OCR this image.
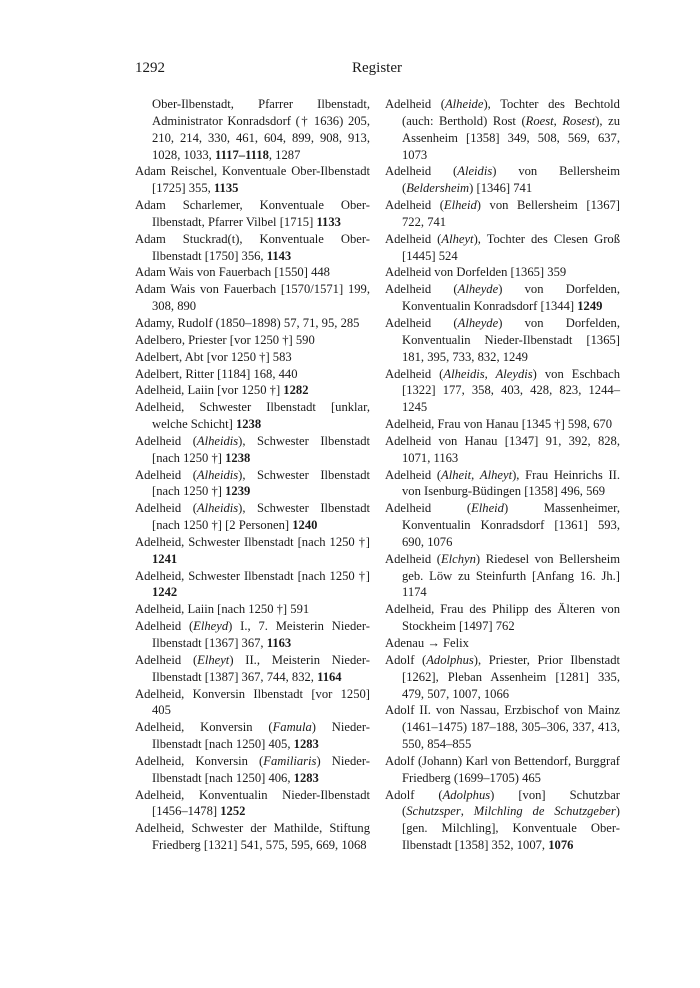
1292	Register

Ober-Ilbenstadt, Pfarrer Ilbenstadt, Administrator Konradsdorf († 1636) 205, 210, 214, 330, 461, 604, 899, 908, 913, 1028, 1033, 1117–1118, 1287

Adam Reischel, Konventuale Ober-Ilbenstadt [1725] 355, 1135

Adam Scharlemer, Konventuale Ober-Ilbenstadt, Pfarrer Vilbel [1715] 1133

Adam Stuckrad(t), Konventuale Ober-Ilbenstadt [1750] 356, 1143

Adam Wais von Fauerbach [1550] 448

Adam Wais von Fauerbach [1570/1571] 199, 308, 890

Adamy, Rudolf (1850–1898) 57, 71, 95, 285

Adelbero, Priester [vor 1250 †] 590

Adelbert, Abt [vor 1250 †] 583

Adelbert, Ritter [1184] 168, 440

Adelheid, Laiin [vor 1250 †] 1282

Adelheid, Schwester Ilbenstadt [unklar, welche Schicht] 1238

Adelheid (Alheidis), Schwester Ilbenstadt [nach 1250 †] 1238

Adelheid (Alheidis), Schwester Ilbenstadt [nach 1250 †] 1239

Adelheid (Alheidis), Schwester Ilbenstadt [nach 1250 †] [2 Personen] 1240

Adelheid, Schwester Ilbenstadt [nach 1250 †] 1241

Adelheid, Schwester Ilbenstadt [nach 1250 †] 1242

Adelheid, Laiin [nach 1250 †] 591

Adelheid (Elheyd) I., 7. Meisterin Nieder-Ilbenstadt [1367] 367, 1163

Adelheid (Elheyt) II., Meisterin Nieder-Ilbenstadt [1387] 367, 744, 832, 1164

Adelheid, Konversin Ilbenstadt [vor 1250] 405

Adelheid, Konversin (Famula) Nieder-Ilbenstadt [nach 1250] 405, 1283

Adelheid, Konversin (Familiaris) Nieder-Ilbenstadt [nach 1250] 406, 1283

Adelheid, Konventualin Nieder-Ilbenstadt [1456–1478] 1252

Adelheid, Schwester der Mathilde, Stiftung Friedberg [1321] 541, 575, 595, 669, 1068

Adelheid (Alheide), Tochter des Bechtold (auch: Berthold) Rost (Roest, Rosest), zu Assenheim [1358] 349, 508, 569, 637, 1073

Adelheid (Aleidis) von Bellersheim (Beldersheim) [1346] 741

Adelheid (Elheid) von Bellersheim [1367] 722, 741

Adelheid (Alheyt), Tochter des Clesen Groß [1445] 524

Adelheid von Dorfelden [1365] 359

Adelheid (Alheyde) von Dorfelden, Konventualin Konradsdorf [1344] 1249

Adelheid (Alheyde) von Dorfelden, Konventualin Nieder-Ilbenstadt [1365] 181, 395, 733, 832, 1249

Adelheid (Alheidis, Aleydis) von Eschbach [1322] 177, 358, 403, 428, 823, 1244–1245

Adelheid, Frau von Hanau [1345 †] 598, 670

Adelheid von Hanau [1347] 91, 392, 828, 1071, 1163

Adelheid (Alheit, Alheyt), Frau Heinrichs II. von Isenburg-Büdingen [1358] 496, 569

Adelheid (Elheid) Massenheimer, Konventualin Konradsdorf [1361] 593, 690, 1076

Adelheid (Elchyn) Riedesel von Bellersheim geb. Löw zu Steinfurth [Anfang 16. Jh.] 1174

Adelheid, Frau des Philipp des Älteren von Stockheim [1497] 762

Adenau → Felix

Adolf (Adolphus), Priester, Prior Ilbenstadt [1262], Pleban Assenheim [1281] 335, 479, 507, 1007, 1066

Adolf II. von Nassau, Erzbischof von Mainz (1461–1475) 187–188, 305–306, 337, 413, 550, 854–855

Adolf (Johann) Karl von Bettendorf, Burggraf Friedberg (1699–1705) 465

Adolf (Adolphus) [von] Schutzbar (Schutzsper, Milchling de Schutzgeber) [gen. Milchling], Konventuale Ober-Ilbenstadt [1358] 352, 1007, 1076
